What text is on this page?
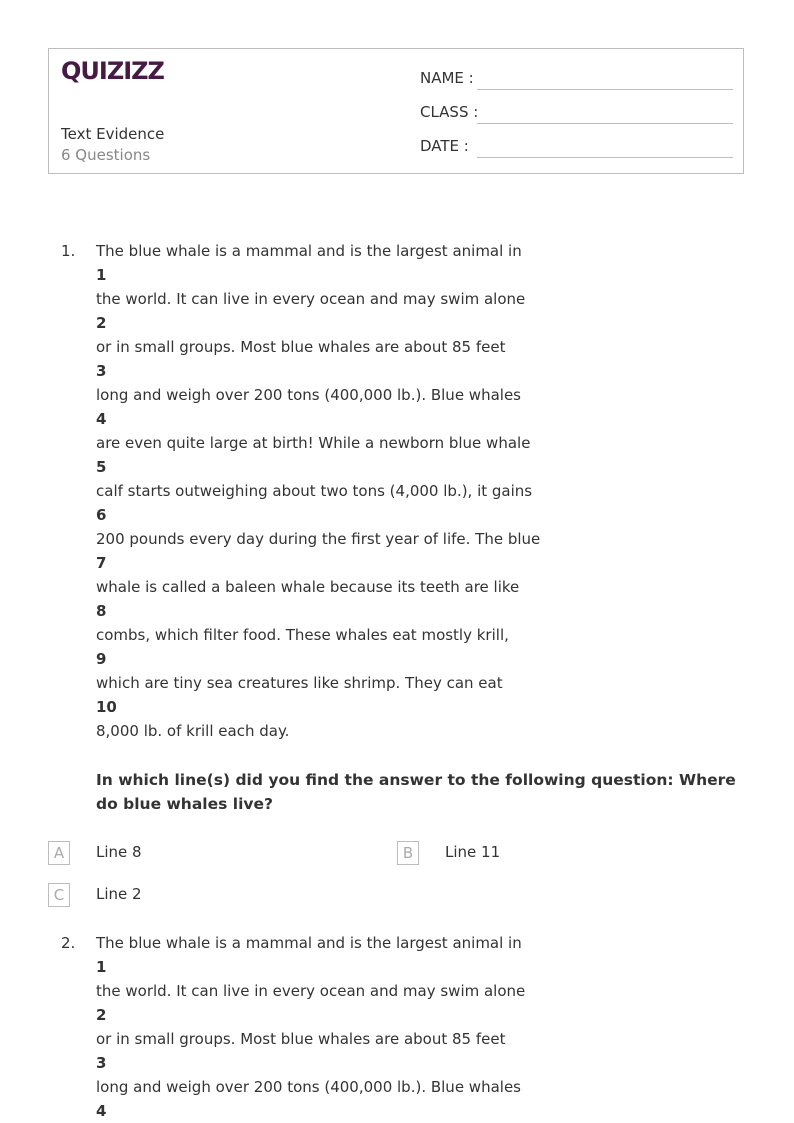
QUIZIZZ
Text Evidence
6 Questions
NAME :
CLASS :
DATE :
1. The blue whale is a mammal and is the largest animal in
1
the world. It can live in every ocean and may swim alone
2
or in small groups. Most blue whales are about 85 feet
3
long and weigh over 200 tons (400,000 lb.). Blue whales
4
are even quite large at birth! While a newborn blue whale
5
calf starts outweighing about two tons (4,000 lb.), it gains
6
200 pounds every day during the first year of life. The blue
7
whale is called a baleen whale because its teeth are like
8
combs, which filter food. These whales eat mostly krill,
9
which are tiny sea creatures like shrimp. They can eat
10
8,000 lb. of krill each day.
In which line(s) did you find the answer to the following question: Where do blue whales live?
A	Line 8	B	Line 11
C	Line 2
2. The blue whale is a mammal and is the largest animal in
1
the world. It can live in every ocean and may swim alone
2
or in small groups. Most blue whales are about 85 feet
3
long and weigh over 200 tons (400,000 lb.). Blue whales
4
